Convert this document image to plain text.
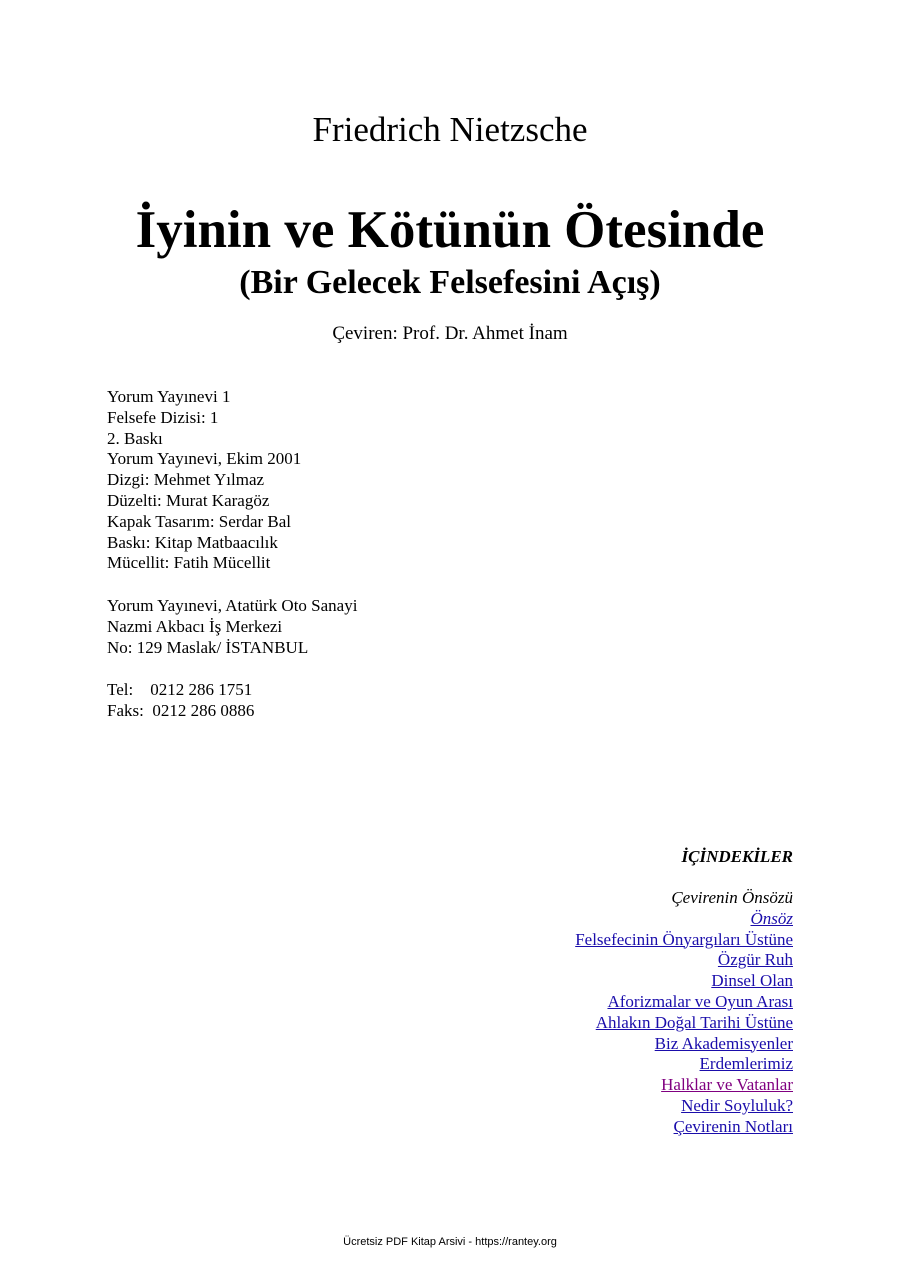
Friedrich Nietzsche
İyinin ve Kötünün Ötesinde
(Bir Gelecek Felsefesini Açış)
Çeviren: Prof. Dr. Ahmet İnam
Yorum Yayınevi 1
Felsefe Dizisi: 1
2. Baskı
Yorum Yayınevi, Ekim 2001
Dizgi: Mehmet Yılmaz
Düzelti: Murat Karagöz
Kapak Tasarım: Serdar Bal
Baskı: Kitap Matbaacılık
Mücellit: Fatih Mücellit
Yorum Yayınevi, Atatürk Oto Sanayi
Nazmi Akbacı İş Merkezi
No: 129 Maslak/ İSTANBUL
Tel:    0212 286 1751
Faks:  0212 286 0886
İÇİNDEKİLER
Çevirenin Önsözü
Önsöz
Felsefecinin Önyargıları Üstüne
Özgür Ruh
Dinsel Olan
Aforizmalar ve Oyun Arası
Ahlakın Doğal Tarihi Üstüne
Biz Akademisyenler
Erdemlerimiz
Halklar ve Vatanlar
Nedir Soyluluk?
Çevirenin Notları
Ücretsiz PDF Kitap Arsivi - https://rantey.org
